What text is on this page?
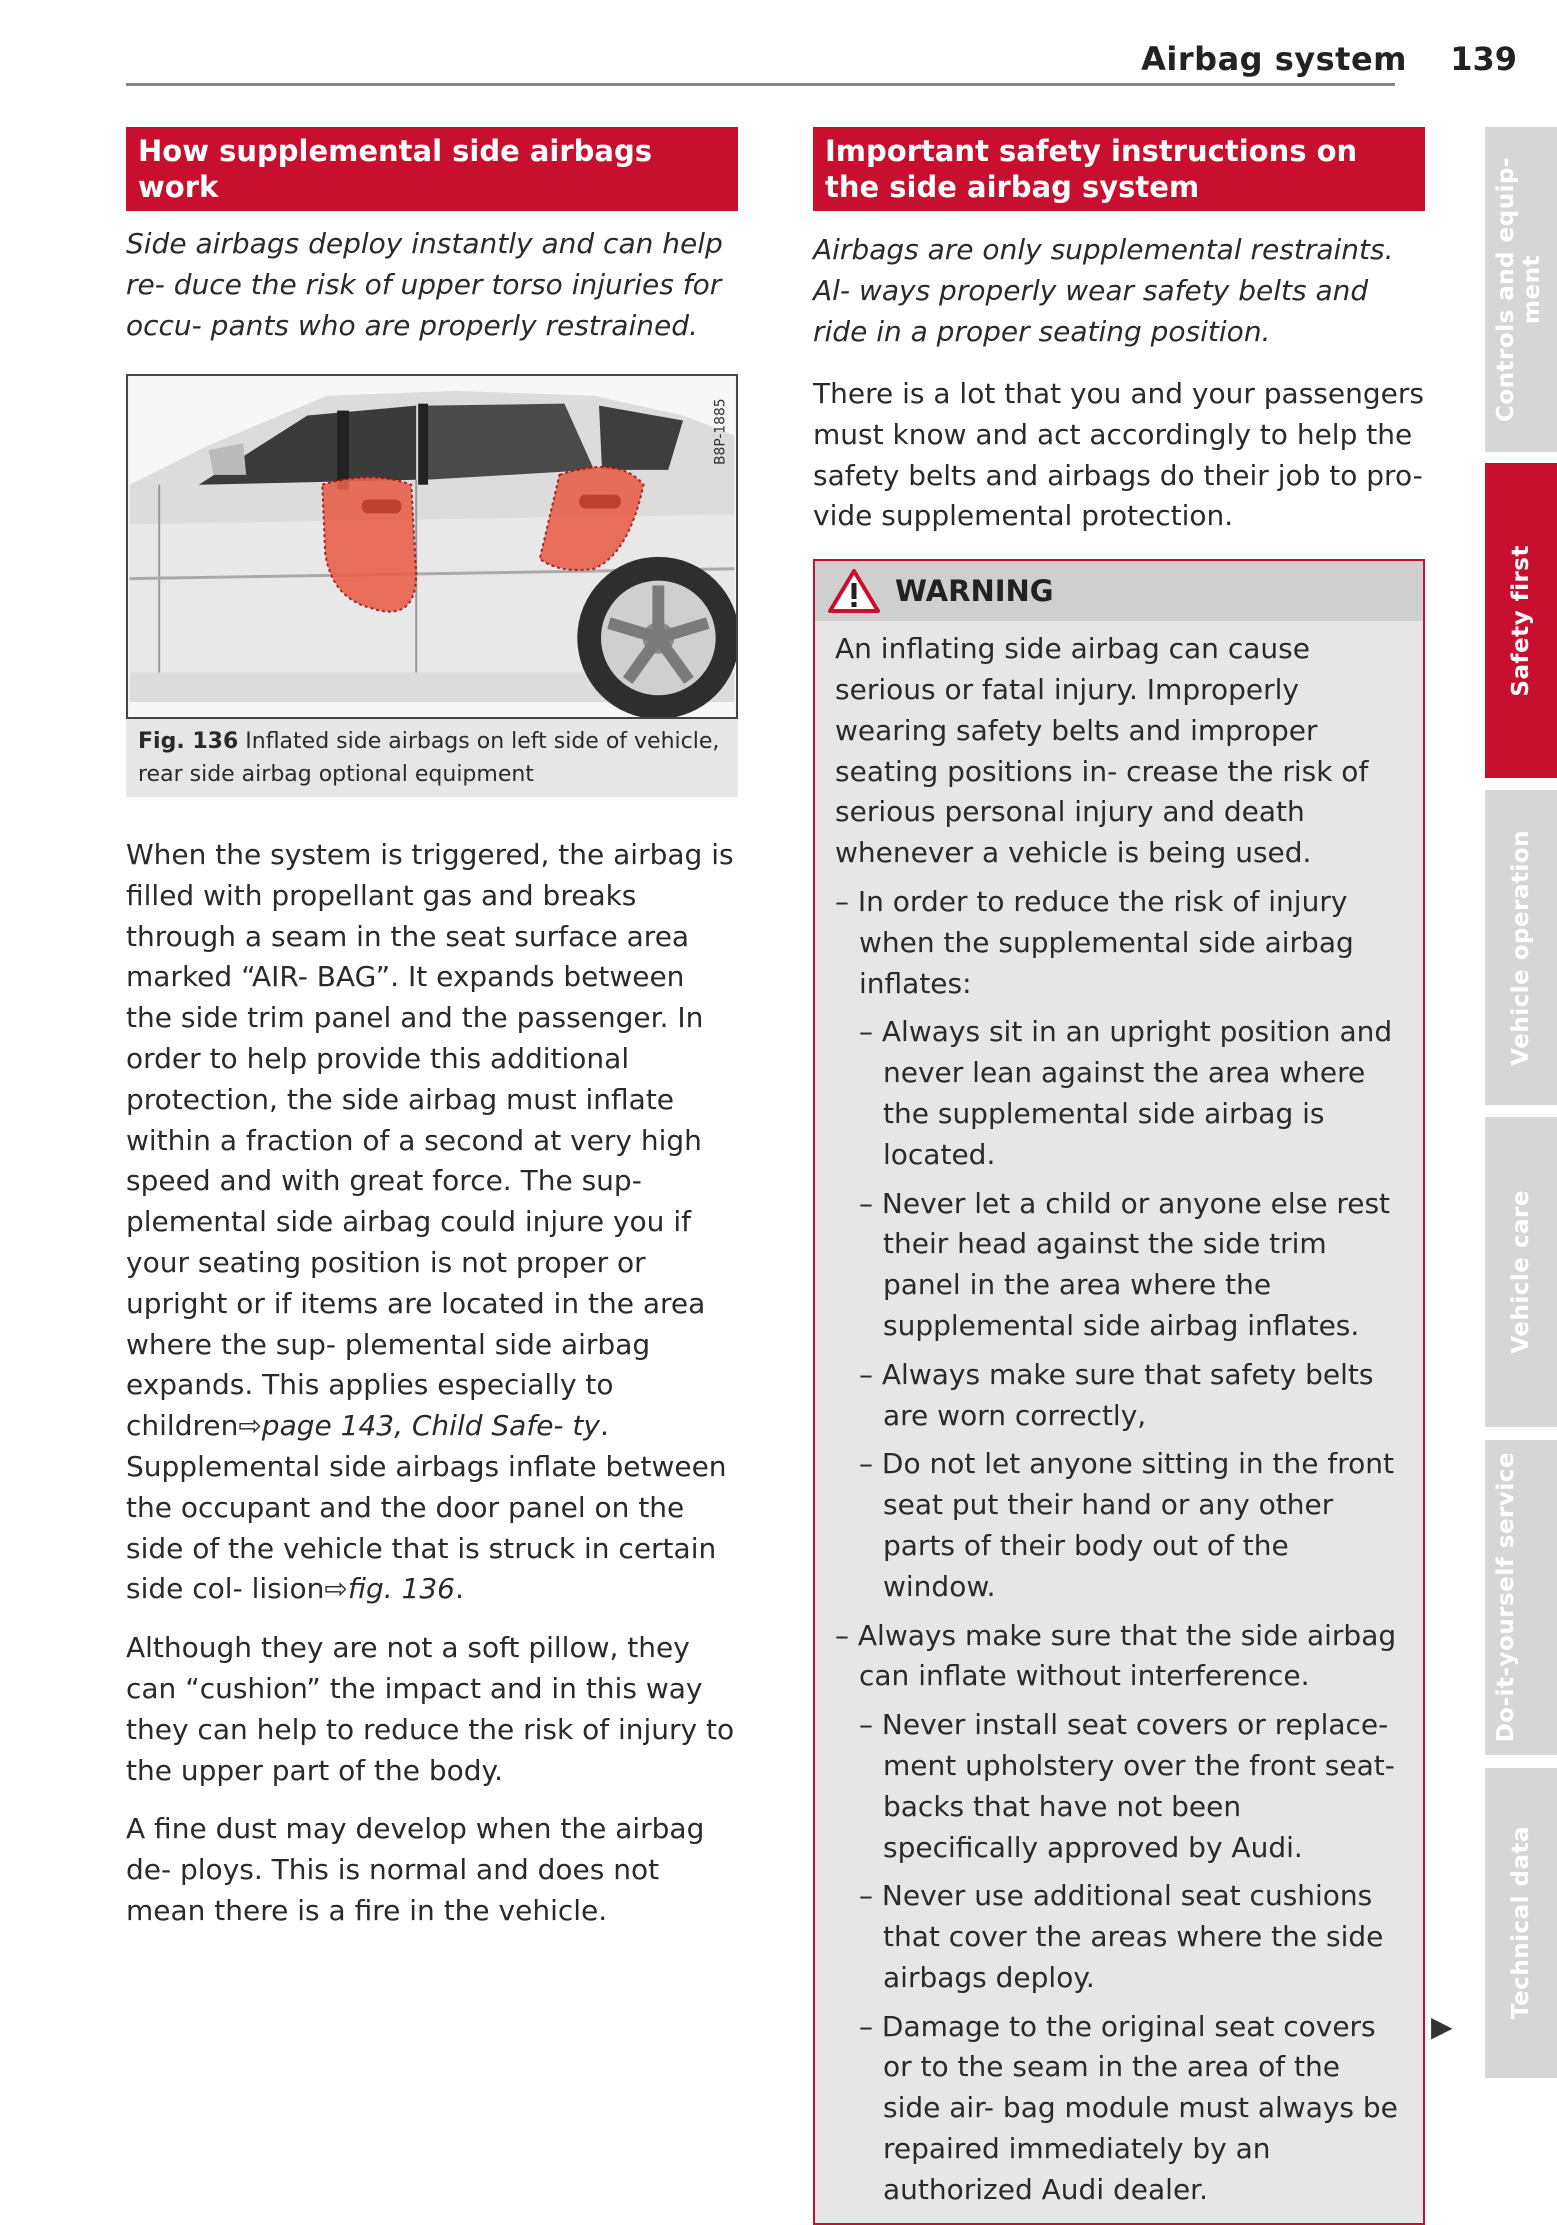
Airbag system 139
How supplemental side airbags work

Side airbags deploy instantly and can help re- duce the risk of upper torso injuries for occu- pants who are properly restrained.

B8P-1885
Fig. 136 Inflated side airbags on left side of vehicle, rear side airbag optional equipment

When the system is triggered, the airbag is filled with propellant gas and breaks through a seam in the seat surface area marked “AIR- BAG”. It expands between the side trim panel and the passenger. In order to help provide this additional protection, the side airbag must inflate within a fraction of a second at very high speed and with great force. The sup- plemental side airbag could injure you if your seating position is not proper or upright or if items are located in the area where the sup- plemental side airbag expands. This applies especially to children⇨page 143, Child Safe- ty. Supplemental side airbags inflate between the occupant and the door panel on the side of the vehicle that is struck in certain side col- lision⇨fig. 136.

Although they are not a soft pillow, they can “cushion” the impact and in this way they can help to reduce the risk of injury to the upper part of the body.

A fine dust may develop when the airbag de- ploys. This is normal and does not mean there is a fire in the vehicle.

Important safety instructions on the side airbag system

Airbags are only supplemental restraints. Al- ways properly wear safety belts and ride in a proper seating position.

There is a lot that you and your passengers must know and act accordingly to help the safety belts and airbags do their job to pro- vide supplemental protection.

WARNING

An inflating side airbag can cause serious or fatal injury. Improperly wearing safety belts and improper seating positions in- crease the risk of serious personal injury and death whenever a vehicle is being used.

– In order to reduce the risk of injury when the supplemental side airbag inflates:

– Always sit in an upright position and never lean against the area where the supplemental side airbag is located.

– Never let a child or anyone else rest their head against the side trim panel in the area where the supplemental side airbag inflates.

– Always make sure that safety belts are worn correctly,

– Do not let anyone sitting in the front seat put their hand or any other parts of their body out of the window.

– Always make sure that the side airbag can inflate without interference.

– Never install seat covers or replace- ment upholstery over the front seat- backs that have not been specifically approved by Audi.

– Never use additional seat cushions that cover the areas where the side airbags deploy.

– Damage to the original seat covers or to the seam in the area of the side air- bag module must always be repaired immediately by an authorized Audi dealer.

▶
Controls and equip- ment
Safety first
Vehicle operation
Vehicle care
Do-it-yourself service
Technical data
